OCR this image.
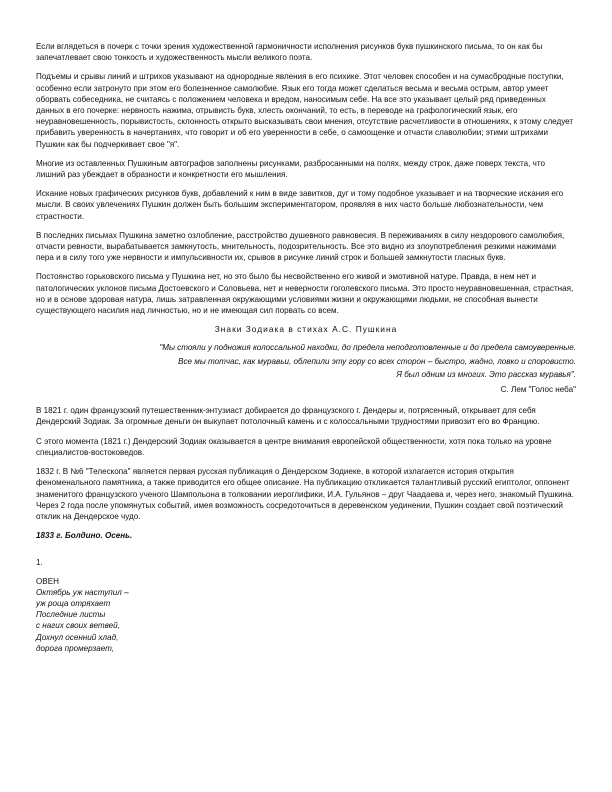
Если вглядеться в почерк с точки зрения художественной гармоничности исполнения рисунков букв пушкинского письма, то он как бы запечатлевает свою тонкость и художественность мысли великого поэта.

Подъемы и срывы линий и штрихов указывают на однородные явления в его психике. Этот человек способен и на сумасбродные поступки, особенно если затронуто при этом его болезненное самолюбие. Язык его тогда может сделаться весьма и весьма острым, автор умеет оборвать собеседника, не считаясь с положением человека и вредом, наносимым себе. На все это указывает целый ряд приведенных данных в его почерке: нервность нажима, отрывисть букв, хлесть окончаний, то есть, в переводе на графологический язык, его неуравновешенность, порывистость, склонность открыто высказывать свои мнения, отсутствие расчетливости в отношениях, к этому следует прибавить уверенность в начертаниях, что говорит и об его уверенности в себе, о самоощенке и отчасти славолюбии; этими штрихами Пушкин как бы подчеркивает свое "я".

Многие из оставленных Пушкиным автографов заполнены рисунками, разбросанными на полях, между строк, даже поверх текста, что лишний раз убеждает в образности и конкретности его мышления.

Искание новых графических рисунков букв, добавлений к ним в виде завитков, дуг и тому подобное указывает и на творческие искания его мысли. В своих увлечениях Пушкин должен быть большим экспериментатором, проявляя в них часто больше любознательности, чем страстности.

В последних письмах Пушкина заметно озлобление, расстройство душевного равновесия. В переживаниях в силу нездорового самолюбия, отчасти ревности, вырабатывается замкнутость, мнительность, подозрительность. Все это видно из злоупотребления резкими нажимами пера и в силу того уже нервности и импульсивности их, срывов в рисунке линий строк и большей замкнутости гласных букв.

Постоянство горьковского письма у Пушкина нет, но это было бы несвойственно его живой и эмотивной натуре. Правда, в нем нет и патологических уклонов письма Достоевского и Соловьева, нет и неверности гоголевского письма. Это просто неуравновешенная, страстная, но и в основе здоровая натура, лишь затравленная окружающими условиями жизни и окружающими людьми, не способная вынести существующего насилия над личностью, но и не имеющая сил порвать со всем.

Знаки Зодиака в стихах А.С. Пушкина
"Мы стояли у подножия колоссальной находки, до предела неподготовленные и до предела самоуверенные.
Все мы тотчас, как муравьи, облепили эту гору со всех сторон – быстро, жадно, ловко и споровисто.
Я был одним из многих. Это рассказ муравья".
С. Лем "Голос неба"

В 1821 г. один французский путешественник-энтузиаст добирается до французского г. Дендеры и, потрясенный, открывает для себя Дендерский Зодиак. За огромные деньги он выкупает потолочный камень и с колоссальными трудностями привозит его во Францию.

С этого момента (1821 г.) Дендерский Зодиак оказывается в центре внимания европейской общественности, хотя пока только на уровне специалистов-востоковедов.

1832 г. В №6 "Телескопа" является первая русская публикация о Дендерском Зодиеке, в которой излагается история открытия феноменального памятника, а также приводится его общее описание. На публикацию откликается талантливый русский египтолог, оппонент знаменитого французского ученого Шампольона в толковании иероглифики, И.А. Гульянов – друг Чаадаева и, через него, знакомый Пушкина. Через 2 года после упомянутых событий, имея возможность сосредоточиться в деревенском уединении, Пушкин создает свой поэтический отклик на Дендерское чудо.

1833 г. Болдино. Осень.
1.
ОВЕН
Октябрь уж наступил –
уж роща отряхает
Последние листы
с нагих своих ветвей,
Дохнул осенний хлад,
дорога промерзает,
